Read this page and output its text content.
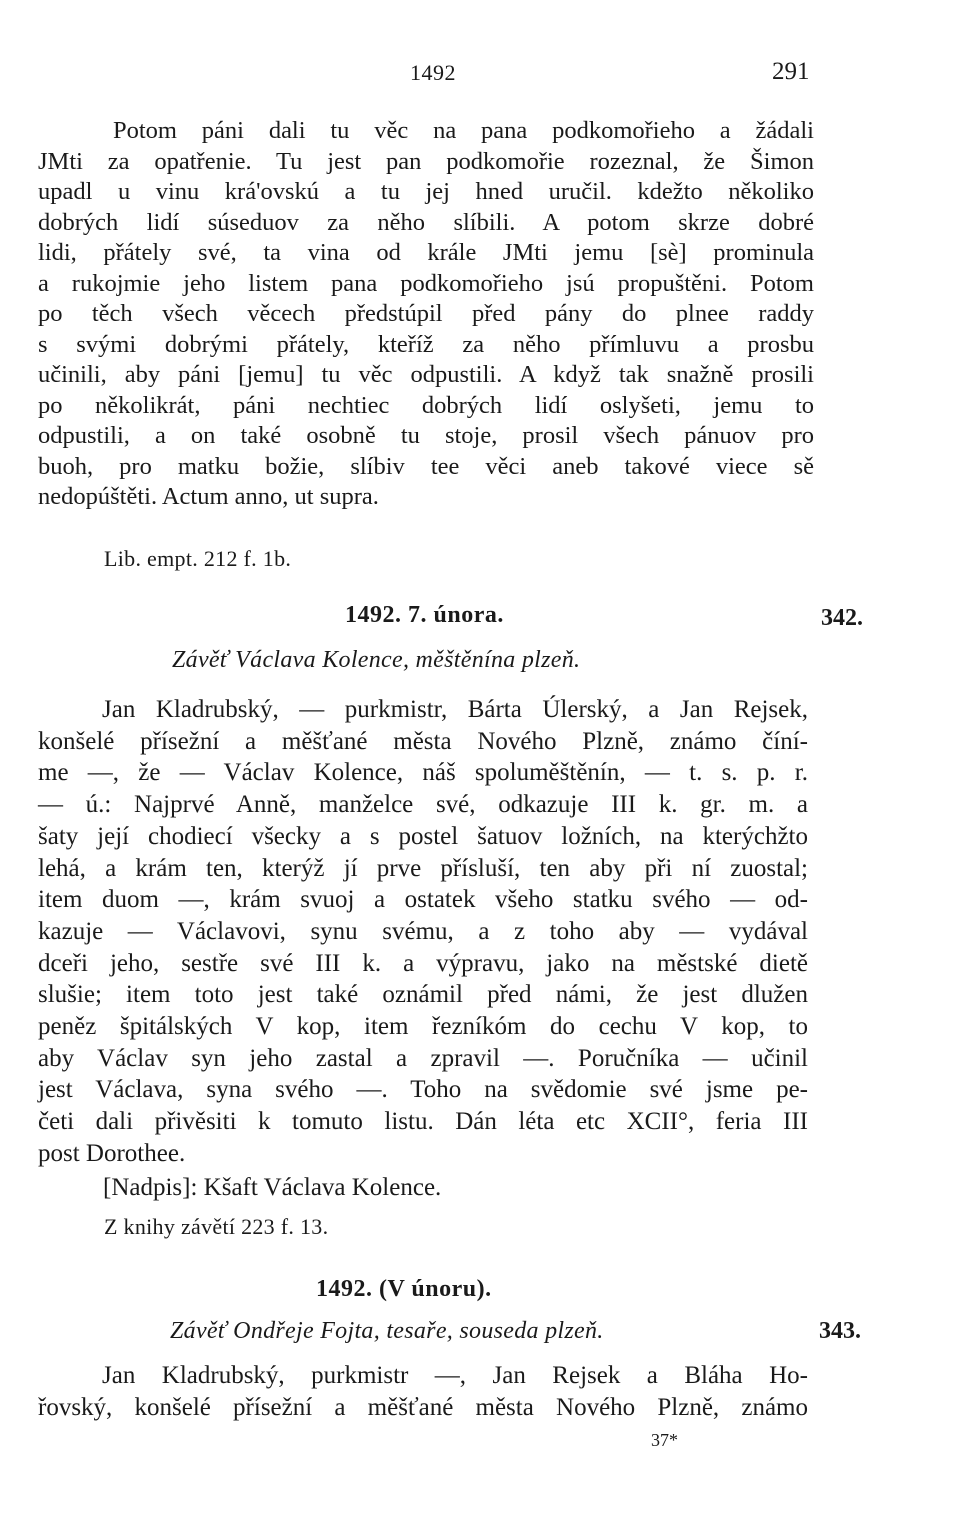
1492	291
Potom páni dali tu věc na pana podkomořieho a žádali
JMti za opatřenie. Tu jest pan podkomořie rozeznal, že Šimon
upadl u vinu krá'ovskú a tu jej hned uručil. kdežto několiko
dobrých lidí súseduov za něho slíbili. A potom skrze dobré
lidi, přátely své, ta vina od krále JMti jemu [sè] prominula
a rukojmie jeho listem pana podkomořieho jsú propuštěni. Potom
po těch všech věcech předstúpil před pány do plnee raddy
s svými dobrými přátely, kteříž za něho přímluvu a prosbu
učinili, aby páni [jemu] tu věc odpustili. A když tak snažně prosili
po několikrát, páni nechtiec dobrých lidí oslyšeti, jemu to
odpustili, a on také osobně tu stoje, prosil všech pánuov pro
buoh, pro matku božie, slíbiv tee věci aneb takové viece sě
nedopúštěti. Actum anno, ut supra.
Lib. empt. 212 f. 1b.
1492. 7. února.	342.
Závěť Václava Kolence, měštěnína plzeň.
Jan Kladrubský, — purkmistr, Bárta Úlerský, a Jan Rejsek,
konšelé přísežní a měšťané města Nového Plzně, známo číní-
me —, že — Václav Kolence, náš spoluměštěnín, — t. s. p. r.
— ú.: Najprvé Anně, manželce své, odkazuje III k. gr. m. a
šaty její chodiecí všecky a s postel šatuov ložních, na kterýchžto
lehá, a krám ten, kterýž jí prve přísluší, ten aby při ní zuostal;
item duom —, krám svuoj a ostatek všeho statku svého — od-
kazuje — Václavovi, synu svému, a z toho aby — vydával
dceři jeho, sestře své III k. a výpravu, jako na městské dietě
slušie; item toto jest také oznámil před námi, že jest dlužen
peněz špitálských V kop, item řezníkóm do cechu V kop, to
aby Václav syn jeho zastal a zpravil —. Poručníka — učinil
jest Václava, syna svého —. Toho na svědomie své jsme pe-
četi dali přivěsiti k tomuto listu. Dán léta etc XCII°, feria III
post Dorothee.
[Nadpis]: Kšaft Václava Kolence.
Z knihy závětí 223 f. 13.
1492. (V únoru).
343.
Závěť Ondřeje Fojta, tesaře, souseda plzeň.
Jan Kladrubský, purkmistr —, Jan Rejsek a Bláha Ho-
řovský, konšelé přísežní a měšťané města Nového Plzně, známo
37*
